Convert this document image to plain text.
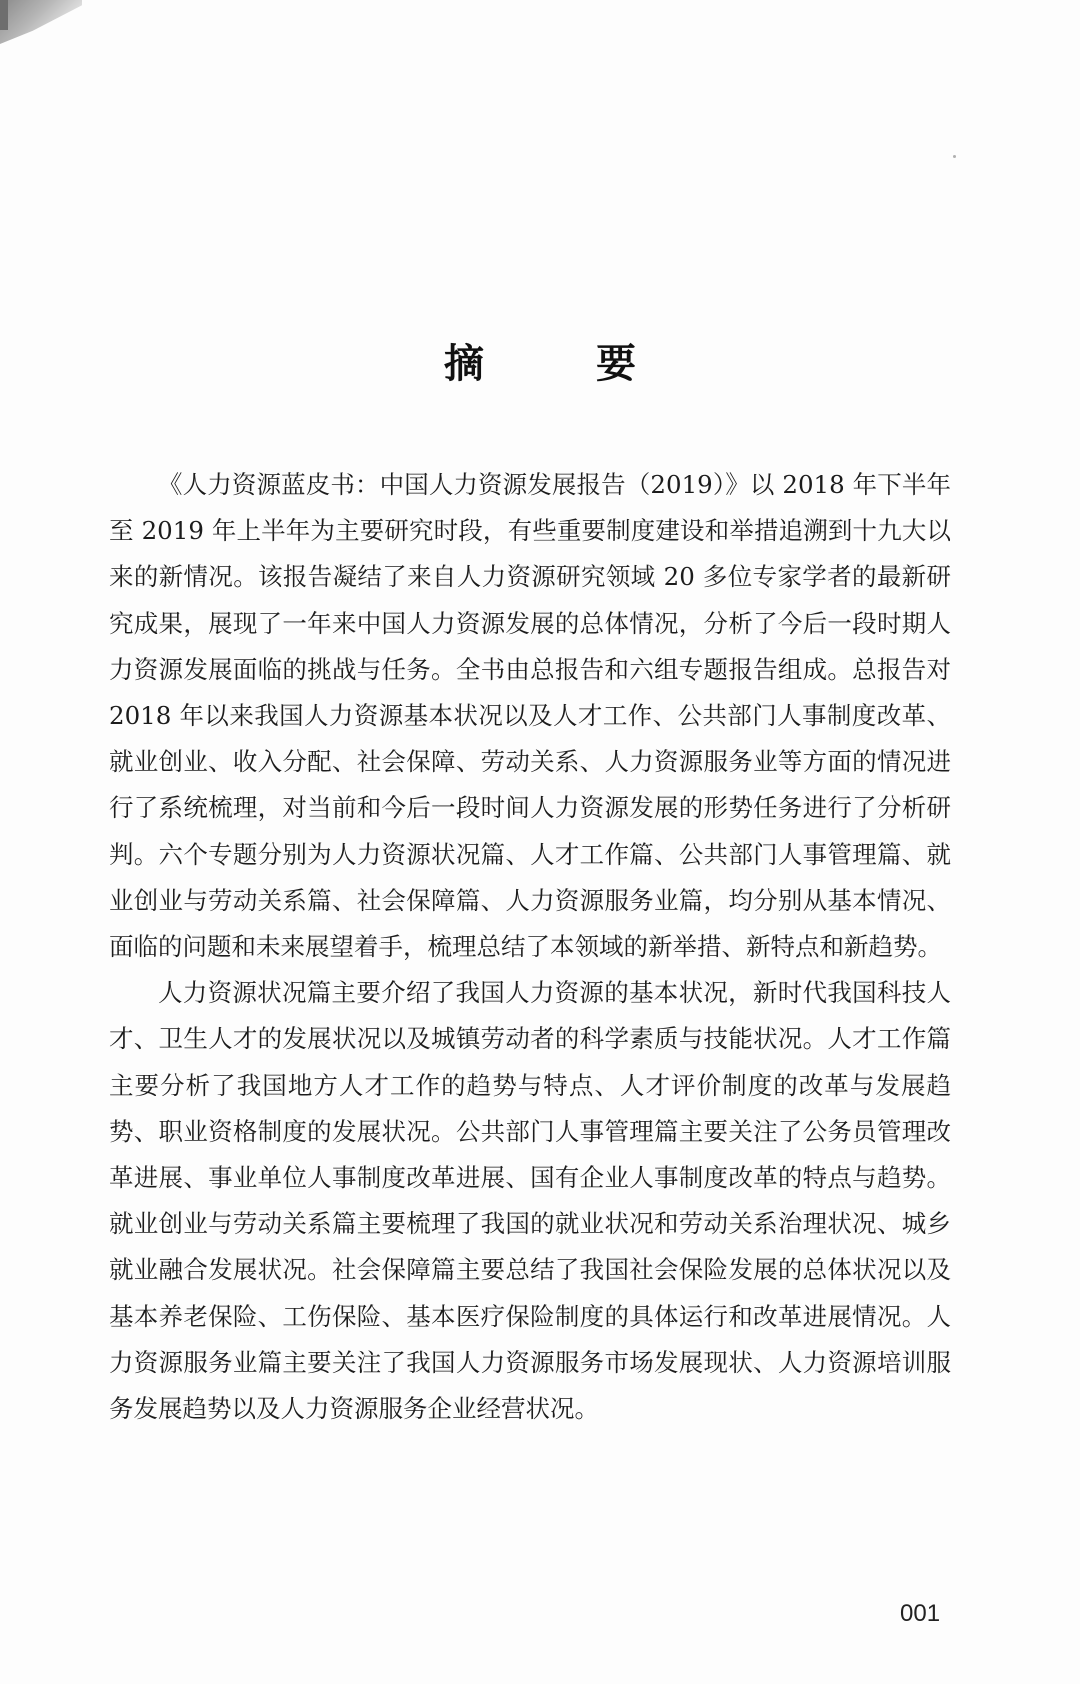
摘　要

《人力资源蓝皮书：中国人力资源发展报告（2019）》以 2018 年下半年至 2019 年上半年为主要研究时段，有些重要制度建设和举措追溯到十九大以来的新情况。该报告凝结了来自人力资源研究领域 20 多位专家学者的最新研究成果，展现了一年来中国人力资源发展的总体情况，分析了今后一段时期人力资源发展面临的挑战与任务。全书由总报告和六组专题报告组成。总报告对 2018 年以来我国人力资源基本状况以及人才工作、公共部门人事制度改革、就业创业、收入分配、社会保障、劳动关系、人力资源服务业等方面的情况进行了系统梳理，对当前和今后一段时间人力资源发展的形势任务进行了分析研判。六个专题分别为人力资源状况篇、人才工作篇、公共部门人事管理篇、就业创业与劳动关系篇、社会保障篇、人力资源服务业篇，均分别从基本情况、面临的问题和未来展望着手，梳理总结了本领域的新举措、新特点和新趋势。

人力资源状况篇主要介绍了我国人力资源的基本状况，新时代我国科技人才、卫生人才的发展状况以及城镇劳动者的科学素质与技能状况。人才工作篇主要分析了我国地方人才工作的趋势与特点、人才评价制度的改革与发展趋势、职业资格制度的发展状况。公共部门人事管理篇主要关注了公务员管理改革进展、事业单位人事制度改革进展、国有企业人事制度改革的特点与趋势。就业创业与劳动关系篇主要梳理了我国的就业状况和劳动关系治理状况、城乡就业融合发展状况。社会保障篇主要总结了我国社会保险发展的总体状况以及基本养老保险、工伤保险、基本医疗保险制度的具体运行和改革进展情况。人力资源服务业篇主要关注了我国人力资源服务市场发展现状、人力资源培训服务发展趋势以及人力资源服务企业经营状况。

001
